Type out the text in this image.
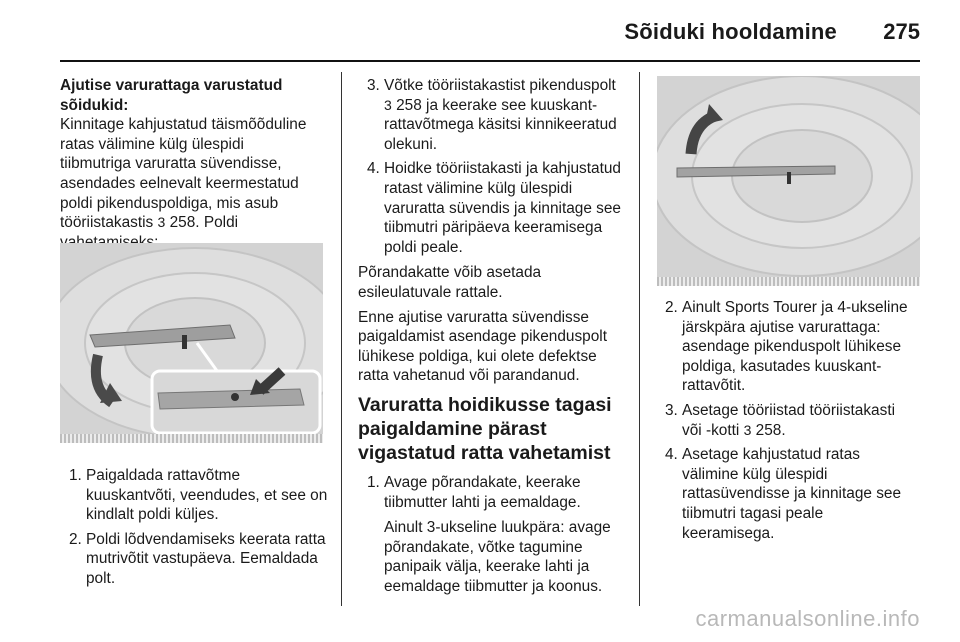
Sõiduki hooldamine 275

Ajutise varurattaga varustatud sõidukid:

Kinnitage kahjustatud täismõõduline
ratas välimine külg ülespidi
tiibmutriga varuratta süvendisse,
asendades eelnevalt keermestatud
poldi pikenduspoldiga, mis asub
tööriistakastis 3 258. Poldi

1. Paigaldada rattavõtme kuuskantvõti, veendudes, et see on kindlalt poldi küljes.
2. Poldi lõdvendamiseks keerata ratta mutrivõtit vastupäeva. Eemaldada polt.
3. Võtke tööriistakastist pikenduspolt 3 258 ja keerake see kuuskant-rattavõtmega käsitsi kinnikeeratud olekuni.
4. Hoidke tööriistakasti ja kahjustatud ratast välimine külg ülespidi varuratta süvendis ja kinnitage see tiibmutri päripäeva keeramisega poldi peale.

Põrandakatte võib asetada esileulatuvale rattale.

Enne ajutise varuratta süvendisse paigaldamist asendage pikenduspolt lühikese poldiga, kui olete defektse ratta vahetanud või parandanud.

Varuratta hoidikusse tagasi paigaldamine pärast vigastatud ratta vahetamist
1. Avage põrandakate, keerake tiibmutter lahti ja eemaldage.
Ainult 3-ukseline luukpära: avage põrandakate, võtke tagumine panipaik välja, keerake lahti ja eemaldage tiibmutter ja koonus.
2. Ainult Sports Tourer ja 4-ukseline järskpära ajutise varurattaga: asendage pikenduspolt lühikese poldiga, kasutades kuuskant-rattavõtit.
3. Asetage tööriistad tööriistakasti või -kotti 3 258.
4. Asetage kahjustatud ratas välimine külg ülespidi rattasüvendisse ja kinnitage see tiibmutri tagasi peale keeramisega.
carmanualsonline.info
